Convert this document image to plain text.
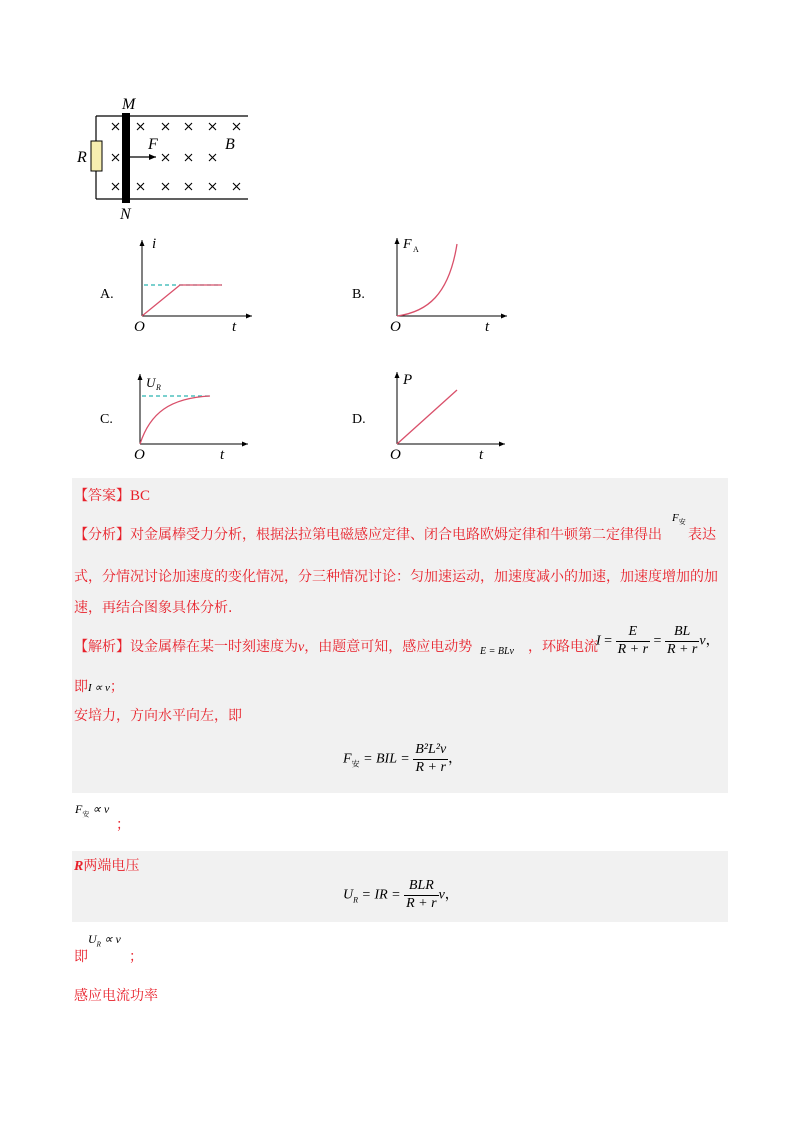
M
N
R
F	B
A.
i
O	t
B.
F A
O	t
C.
U R
O	t
D.
P
O	t
【答案】BC
【分析】对金属棒受力分析，根据法拉第电磁感应定律、闭合电路欧姆定律和牛顿第二定律得出
$F_安$
表达
式，分情况讨论加速度的变化情况，分三种情况讨论：匀加速运动，加速度减小的加速，加速度增加的加
速，再结合图象具体分析.
【解析】设金属棒在某一时刻速度为v，由题意可知，感应电动势 E = BLv ，环路电流
$I = \frac{E}{R + r} = \frac{BL}{R + r}$ v，
即I ∝ v；
安培力，方向水平向左，即
$F_安$ = BIL = $\frac{\text{B²L²v}}{R + r}$ ，
$F_安 \propto v$
；
R两端电压
$U_R$ = IR = $\frac{\text{BLR}}{R + r}$ v，
$U_R \propto v$
即	；
感应电流功率
